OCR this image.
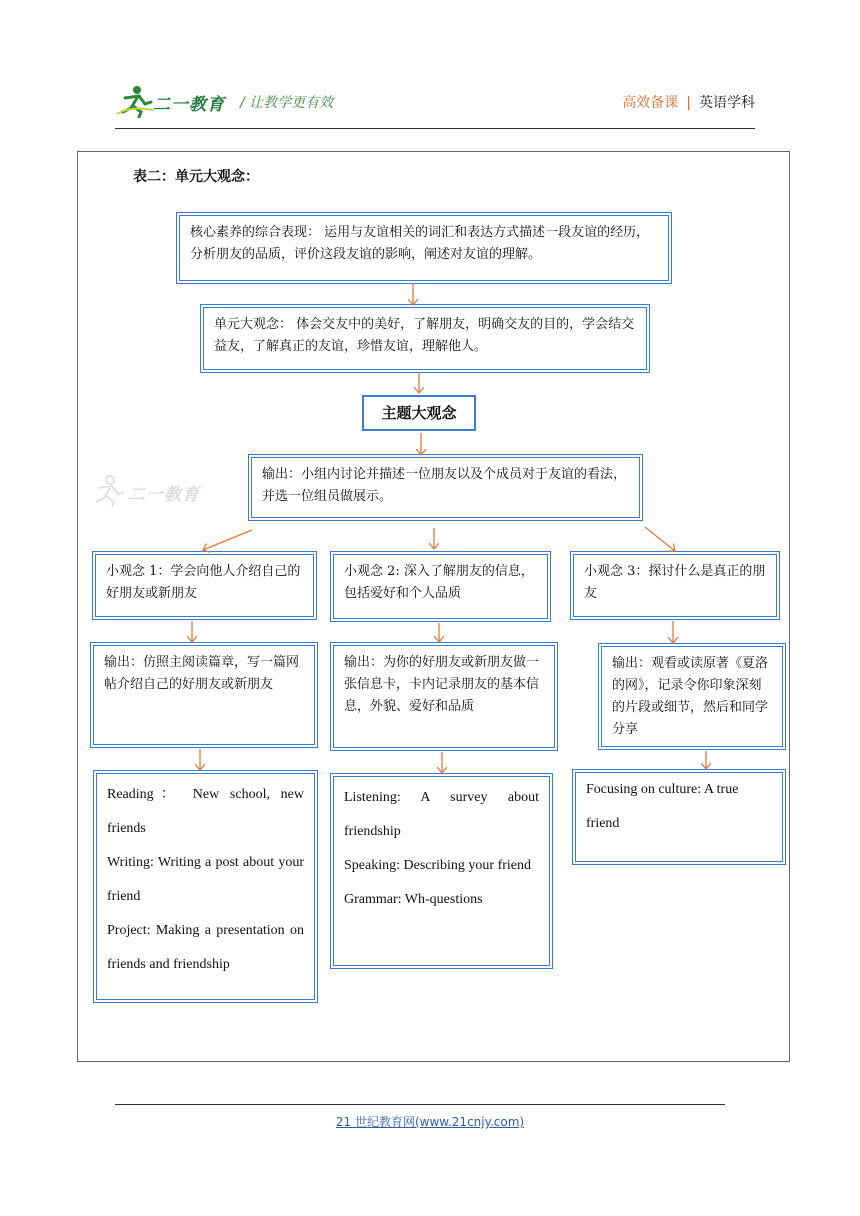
二一教育 / 让教学更有效	高效备课 | 英语学科
表二：单元大观念：
核心素养的综合表现： 运用与友谊相关的词汇和表达方式描述一段友谊的经历，分析朋友的品质，评价这段友谊的影响，阐述对友谊的理解。
单元大观念： 体会交友中的美好，了解朋友，明确交友的目的，学会结交益友，了解真正的友谊，珍惜友谊，理解他人。
主题大观念
输出：小组内讨论并描述一位朋友以及个成员对于友谊的看法，并选一位组员做展示。
二一教育
小观念 1：学会向他人介绍自己的好朋友或新朋友
输出：仿照主阅读篇章，写一篇网帖介绍自己的好朋友或新朋友
Reading： New school, new friends
Writing: Writing a post about your friend
Project: Making a presentation on friends and friendship
小观念 2: 深入了解朋友的信息，包括爱好和个人品质
输出：为你的好朋友或新朋友做一张信息卡，卡内记录朋友的基本信息，外貌、爱好和品质
Listening: A survey about friendship
Speaking: Describing your friend
Grammar: Wh-questions
小观念 3：探讨什么是真正的朋友
输出：观看或读原著《夏洛的网》，记录令你印象深刻的片段或细节，然后和同学分享
Focusing on culture: A true friend
21 世纪教育网(www.21cnjy.com)
